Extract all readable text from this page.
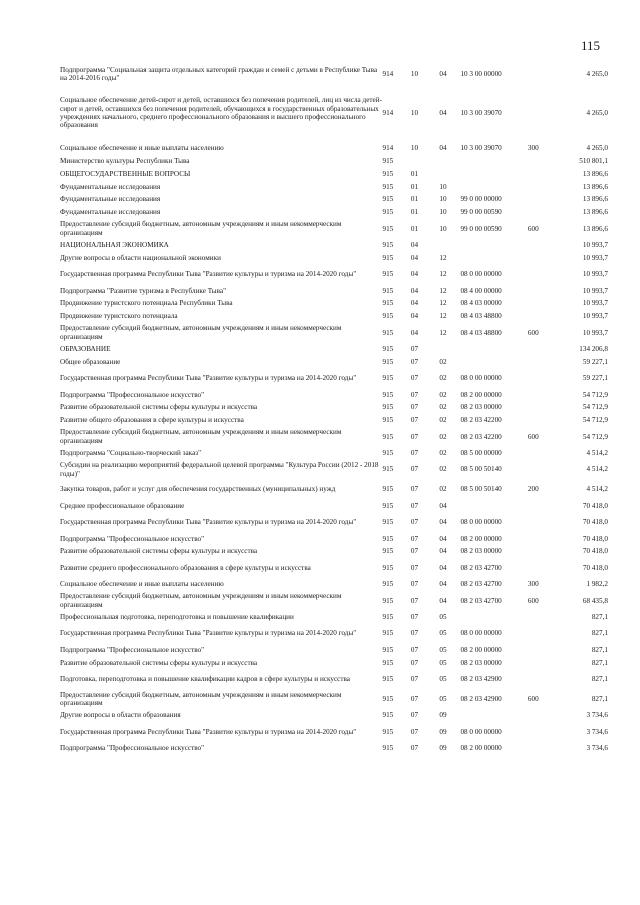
115
Подпрограмма "Социальная защита отдельных категорий граждан и семей с детьми в Республике Тыва на 2014-2016 годы"	914	10	04	10 3 00 00000		4 265,0
Социальное обеспечение детей-сирот и детей, оставшихся без попечения родителей, лиц из числа детей-сирот и детей, оставшихся без попечения родителей, обучающихся в государственных образовательных учреждениях начального, среднего профессионального образования и высшего профессионального образования	914	10	04	10 3 00 39070		4 265,0
Социальное обеспечение и иные выплаты населению	914	10	04	10 3 00 39070	300	4 265,0
Министерство культуры Республики Тыва	915					510 801,1
ОБЩЕГОСУДАРСТВЕННЫЕ ВОПРОСЫ	915	01				13 896,6
Фундаментальные исследования	915	01	10			13 896,6
Фундаментальные исследования	915	01	10	99 0 00 00000		13 896,6
Фундаментальные исследования	915	01	10	99 0 00 00590		13 896,6
Предоставление субсидий бюджетным, автономным учреждениям и иным некоммерческим организациям	915	01	10	99 0 00 00590	600	13 896,6
НАЦИОНАЛЬНАЯ ЭКОНОМИКА	915	04				10 993,7
Другие вопросы в области национальной экономики	915	04	12			10 993,7
Государственная программа Республики Тыва "Развитие культуры и туризма на 2014-2020 годы"	915	04	12	08 0 00 00000		10 993,7
Подпрограмма "Развитие туризма в Республике Тыва"	915	04	12	08 4 00 00000		10 993,7
Продвижение туристского потенциала Республики Тыва	915	04	12	08 4 03 00000		10 993,7
Продвижение туристского потенциала	915	04	12	08 4 03 48800		10 993,7
Предоставление субсидий бюджетным, автономным учреждениям и иным некоммерческим организациям	915	04	12	08 4 03 48800	600	10 993,7
ОБРАЗОВАНИЕ	915	07				134 206,8
Общее образование	915	07	02			59 227,1
Государственная программа Республики Тыва "Развитие культуры и туризма на 2014-2020 годы"	915	07	02	08 0 00 00000		59 227,1
Подпрограмма "Профессиональное искусство"	915	07	02	08 2 00 00000		54 712,9
Развитие образовательной системы сферы культуры и искусства	915	07	02	08 2 03 00000		54 712,9
Развитие общего образования в сфере культуры и искусства	915	07	02	08 2 03 42200		54 712,9
Предоставление субсидий бюджетным, автономным учреждениям и иным некоммерческим организациям	915	07	02	08 2 03 42200	600	54 712,9
Подпрограмма "Социально-творческий заказ"	915	07	02	08 5 00 00000		4 514,2
Субсидии на реализацию мероприятий федеральной целевой программы "Культура России (2012 - 2018 годы)"	915	07	02	08 5 00 50140		4 514,2
Закупка товаров, работ и услуг для обеспечения государственных (муниципальных) нужд	915	07	02	08 5 00 50140	200	4 514,2
Среднее профессиональное образование	915	07	04			70 418,0
Государственная программа Республики Тыва "Развитие культуры и туризма на 2014-2020 годы"	915	07	04	08 0 00 00000		70 418,0
Подпрограмма "Профессиональное искусство"	915	07	04	08 2 00 00000		70 418,0
Развитие образовательной системы сферы культуры и искусства	915	07	04	08 2 03 00000		70 418,0
Развитие среднего профессионального образования в сфере культуры и искусства	915	07	04	08 2 03 42700		70 418,0
Социальное обеспечение и иные выплаты населению	915	07	04	08 2 03 42700	300	1 982,2
Предоставление субсидий бюджетным, автономным учреждениям и иным некоммерческим организациям	915	07	04	08 2 03 42700	600	68 435,8
Профессиональная подготовка, переподготовка и повышение квалификации	915	07	05			827,1
Государственная программа Республики Тыва "Развитие культуры и туризма на 2014-2020 годы"	915	07	05	08 0 00 00000		827,1
Подпрограмма "Профессиональное искусство"	915	07	05	08 2 00 00000		827,1
Развитие образовательной системы сферы культуры и искусства	915	07	05	08 2 03 00000		827,1
Подготовка, переподготовка и повышение квалификации кадров в сфере культуры и искусства	915	07	05	08 2 03 42900		827,1
Предоставление субсидий бюджетным, автономным учреждениям и иным некоммерческим организациям	915	07	05	08 2 03 42900	600	827,1
Другие вопросы в области образования	915	07	09			3 734,6
Государственная программа Республики Тыва "Развитие культуры и туризма на 2014-2020 годы"	915	07	09	08 0 00 00000		3 734,6
Подпрограмма "Профессиональное искусство"	915	07	09	08 2 00 00000		3 734,6
